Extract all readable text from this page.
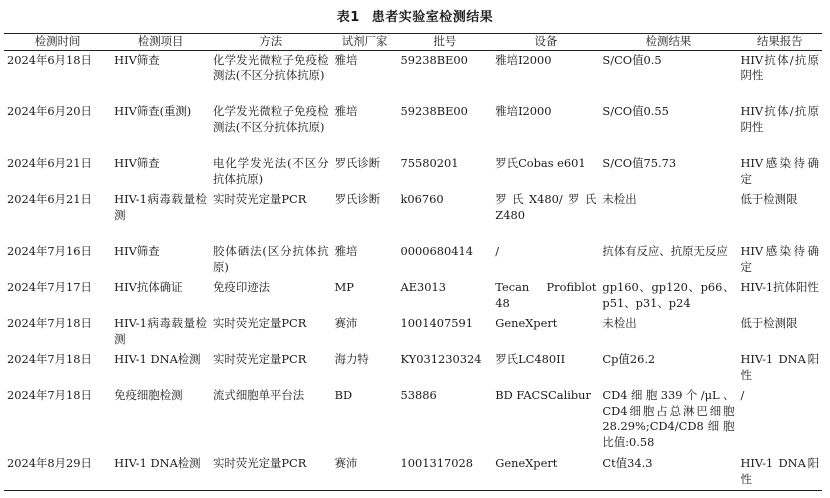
表1 患者实验室检测结果
检测时间	检测项目	方法	试剂厂家	批号	设备	检测结果	结果报告
2024年6月18日	HIV筛查	化学发光微粒子免疫检测法(不区分抗体抗原)	雅培	59238BE00	雅培I2000	S/CO值0.5	HIV抗体/抗原阴性
2024年6月20日	HIV筛查(重测)	化学发光微粒子免疫检测法(不区分抗体抗原)	雅培	59238BE00	雅培I2000	S/CO值0.55	HIV抗体/抗原阴性
2024年6月21日	HIV筛查	电化学发光法(不区分抗体抗原)	罗氏诊断	75580201	罗氏Cobas e601	S/CO值75.73	HIV感染待确定
2024年6月21日	HIV-1病毒载量检测	实时荧光定量PCR	罗氏诊断	k06760	罗氏X480/罗氏Z480	未检出	低于检测限
2024年7月16日	HIV筛查	胶体硒法(区分抗体抗原)	雅培	0000680414	/	抗体有反应、抗原无反应	HIV感染待确定
2024年7月17日	HIV抗体确证	免疫印迹法	MP	AE3013	Tecan Profiblot 48	gp160、gp120、p66、p51、p31、p24	HIV-1抗体阳性
2024年7月18日	HIV-1病毒载量检测	实时荧光定量PCR	赛沛	1001407591	GeneXpert	未检出	低于检测限
2024年7月18日	HIV-1 DNA检测	实时荧光定量PCR	海力特	KY031230324	罗氏LC480II	Cp值26.2	HIV-1 DNA阳性
2024年7月18日	免疫细胞检测	流式细胞单平台法	BD	53886	BD FACSCalibur	CD4细胞339个/μL、CD4细胞占总淋巴细胞28.29%;CD4/CD8细胞比值:0.58	/
2024年8月29日	HIV-1 DNA检测	实时荧光定量PCR	赛沛	1001317028	GeneXpert	Ct值34.3	HIV-1 DNA阳性
